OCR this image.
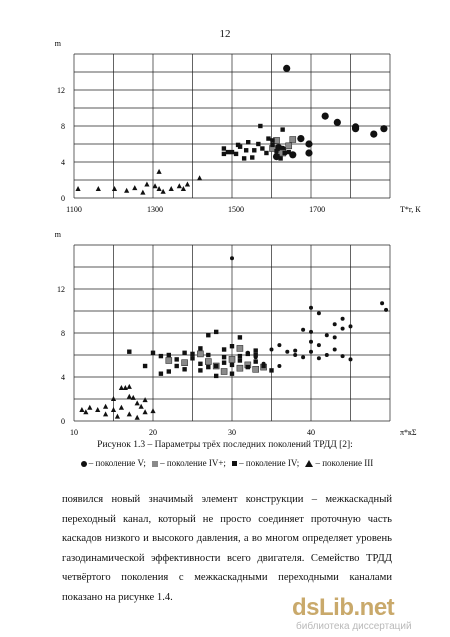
12
0
4
8
12
1100	1300	1500	1700
m
T*г, К
0
4
8
12
10	20	30	40
m
π*кΣ
Рисунок 1.3 – Параметры трёх последних поколений ТРДД [2]:
– поколение V; – поколение IV+; – поколение IV; – поколение III

появился новый значимый элемент конструкции – межкаскадный переходный канал, который не просто соединяет проточную часть каскадов низкого и высокого давления, а во многом определяет уровень газодинамической эффективности всего двигателя. Семейство ТРДД четвёртого поколения с межкаскадными переходными каналами показано на рисунке 1.4.	dsLib.net
библиотека диссертаций
